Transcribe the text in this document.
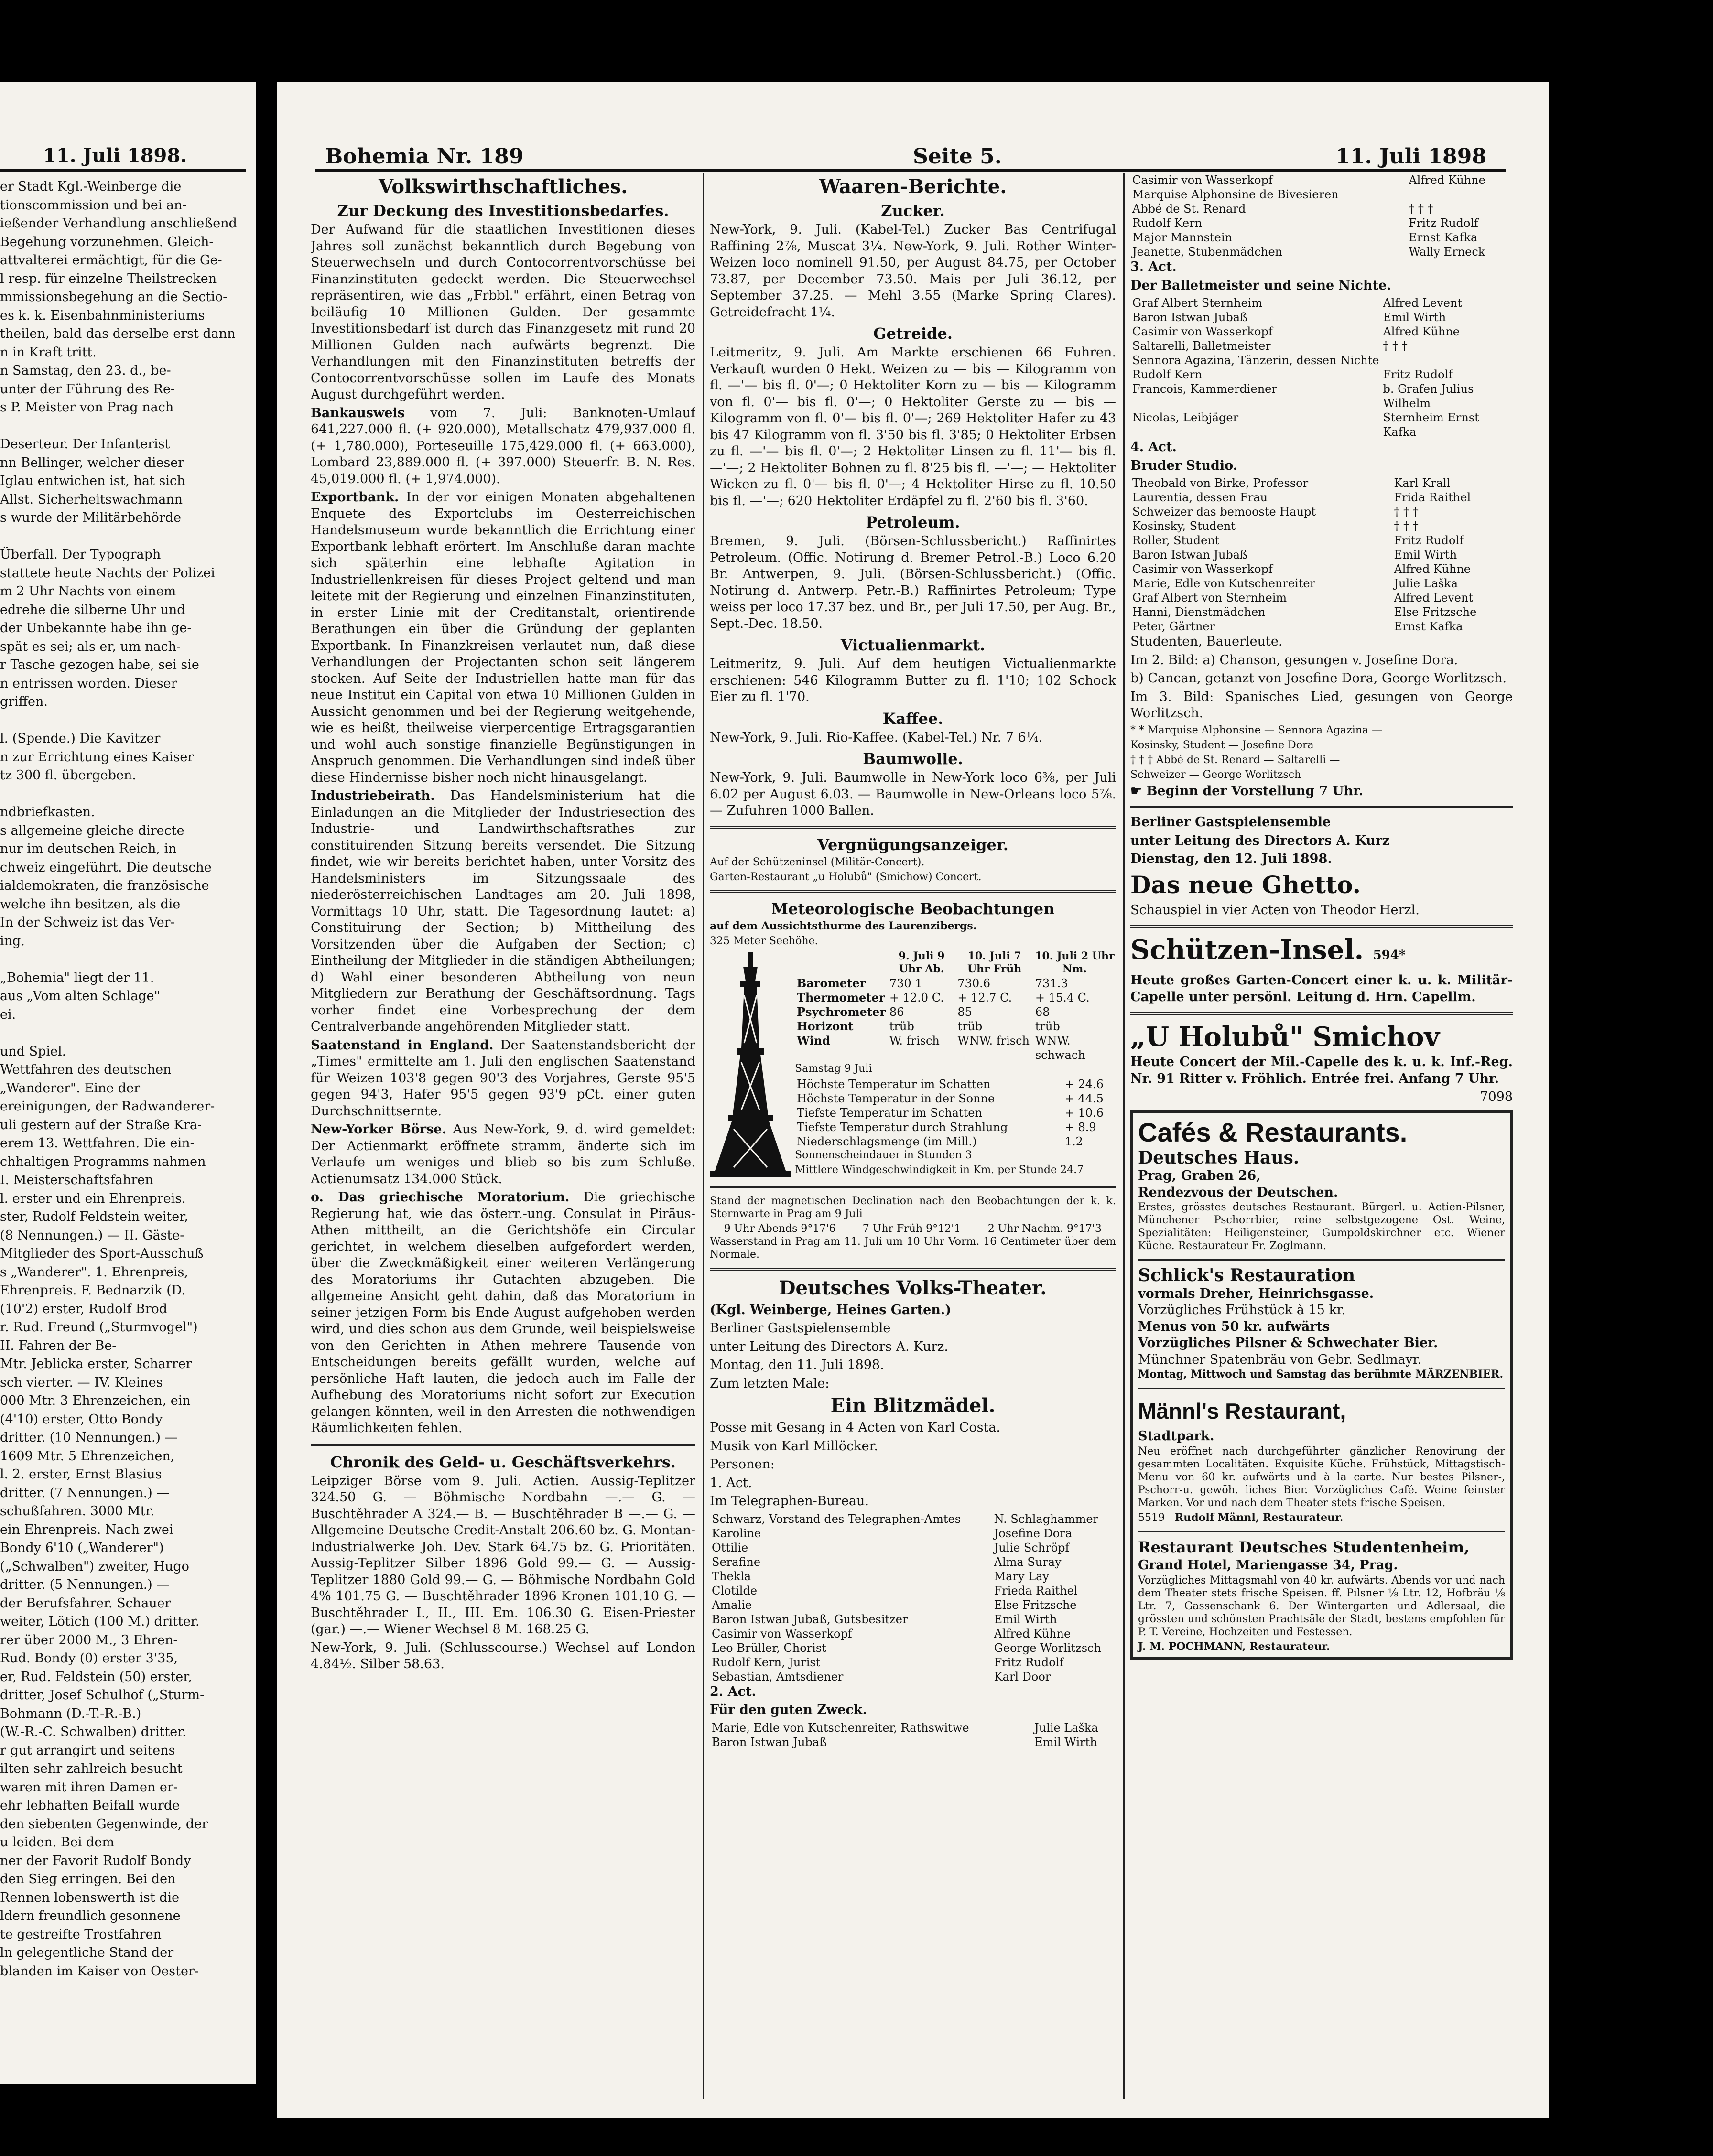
11. Juli 1898.

er Stadt Kgl.-Weinberge die

tionscommission und bei an-

ießender Verhandlung anschließend

Begehung vorzunehmen. Gleich-

attvalterei ermächtigt, für die Ge-

l resp. für einzelne Theilstrecken

mmissionsbegehung an die Sectio-

es k. k. Eisenbahnministeriums

theilen, bald das derselbe erst dann

n in Kraft tritt.

n Samstag, den 23. d., be-

unter der Führung des Re-

s P. Meister von Prag nach

Deserteur. Der Infanterist

nn Bellinger, welcher dieser

Iglau entwichen ist, hat sich

Allst. Sicherheitswachmann

s wurde der Militärbehörde

Überfall. Der Typograph

stattete heute Nachts der Polizei

m 2 Uhr Nachts von einem

edrehe die silberne Uhr und

der Unbekannte habe ihn ge-

spät es sei; als er, um nach-

r Tasche gezogen habe, sei sie

n entrissen worden. Dieser

griffen.

l. (Spende.) Die Kavitzer

n zur Errichtung eines Kaiser

tz 300 fl. übergeben.

ndbriefkasten.

s allgemeine gleiche directe

nur im deutschen Reich, in

chweiz eingeführt. Die deutsche

ialdemokraten, die französische

welche ihn besitzen, als die

In der Schweiz ist das Ver-

ing.

„Bohemia" liegt der 11.

aus „Vom alten Schlage"

ei.

und Spiel.

Wettfahren des deutschen

„Wanderer". Eine der

ereinigungen, der Radwanderer-

uli gestern auf der Straße Kra-

erem 13. Wettfahren. Die ein-

chhaltigen Programms nahmen

I. Meisterschaftsfahren

l. erster und ein Ehrenpreis.

ster, Rudolf Feldstein weiter,

(8 Nennungen.) — II. Gäste-

Mitglieder des Sport-Ausschuß

s „Wanderer". 1. Ehrenpreis,

Ehrenpreis. F. Bednarzik (D.

(10'2) erster, Rudolf Brod

r. Rud. Freund („Sturmvogel")

II. Fahren der Be-

Mtr. Jeblicka erster, Scharrer

sch vierter. — IV. Kleines

000 Mtr. 3 Ehrenzeichen, ein

(4'10) erster, Otto Bondy

dritter. (10 Nennungen.) —

1609 Mtr. 5 Ehrenzeichen,

l. 2. erster, Ernst Blasius

dritter. (7 Nennungen.) —

schußfahren. 3000 Mtr.

ein Ehrenpreis. Nach zwei

Bondy 6'10 („Wanderer")

(„Schwalben") zweiter, Hugo

dritter. (5 Nennungen.) —

der Berufsfahrer. Schauer

weiter, Lötich (100 M.) dritter.

rer über 2000 M., 3 Ehren-

Rud. Bondy (0) erster 3'35,

er, Rud. Feldstein (50) erster,

dritter, Josef Schulhof („Sturm-

Bohmann (D.-T.-R.-B.)

(W.-R.-C. Schwalben) dritter.

r gut arrangirt und seitens

ilten sehr zahlreich besucht

waren mit ihren Damen er-

ehr lebhaften Beifall wurde

den siebenten Gegenwinde, der

u leiden. Bei dem

ner der Favorit Rudolf Bondy

den Sieg erringen. Bei den

Rennen lobenswerth ist die

ldern freundlich gesonnene

te gestreifte Trostfahren

ln gelegentliche Stand der

blanden im Kaiser von Oester-

Bohemia Nr. 189	Seite 5.	11. Juli 1898
Volkswirthschaftliches.
Zur Deckung des Investitionsbedarfes.

Der Aufwand für die staatlichen Investitionen dieses Jahres soll zunächst bekanntlich durch Begebung von Steuerwechseln und durch Contocorrentvorschüsse bei Finanzinstituten gedeckt werden. Die Steuerwechsel repräsentiren, wie das „Frbbl." erfährt, einen Betrag von beiläufig 10 Millionen Gulden. Der gesammte Investitionsbedarf ist durch das Finanzgesetz mit rund 20 Millionen Gulden nach aufwärts begrenzt. Die Verhandlungen mit den Finanzinstituten betreffs der Contocorrentvorschüsse sollen im Laufe des Monats August durchgeführt werden.

Bankausweis vom 7. Juli: Banknoten-Umlauf 641,227.000 fl. (+ 920.000), Metallschatz 479,937.000 fl. (+ 1,780.000), Porteseuille 175,429.000 fl. (+ 663.000), Lombard 23,889.000 fl. (+ 397.000) Steuerfr. B. N. Res. 45,019.000 fl. (+ 1,974.000).

Exportbank. In der vor einigen Monaten abgehaltenen Enquete des Exportclubs im Oesterreichischen Handelsmuseum wurde bekanntlich die Errichtung einer Exportbank lebhaft erörtert. Im Anschluße daran machte sich späterhin eine lebhafte Agitation in Industriellenkreisen für dieses Project geltend und man leitete mit der Regierung und einzelnen Finanzinstituten, in erster Linie mit der Creditanstalt, orientirende Berathungen ein über die Gründung der geplanten Exportbank. In Finanzkreisen verlautet nun, daß diese Verhandlungen der Projectanten schon seit längerem stocken. Auf Seite der Industriellen hatte man für das neue Institut ein Capital von etwa 10 Millionen Gulden in Aussicht genommen und bei der Regierung weitgehende, wie es heißt, theilweise vierpercentige Ertragsgarantien und wohl auch sonstige finanzielle Begünstigungen in Anspruch genommen. Die Verhandlungen sind indeß über diese Hindernisse bisher noch nicht hinausgelangt.

Industriebeirath. Das Handelsministerium hat die Einladungen an die Mitglieder der Industriesection des Industrie- und Landwirthschaftsrathes zur constituirenden Sitzung bereits versendet. Die Sitzung findet, wie wir bereits berichtet haben, unter Vorsitz des Handelsministers im Sitzungssaale des niederösterreichischen Landtages am 20. Juli 1898, Vormittags 10 Uhr, statt. Die Tagesordnung lautet: a) Constituirung der Section; b) Mittheilung des Vorsitzenden über die Aufgaben der Section; c) Eintheilung der Mitglieder in die ständigen Abtheilungen; d) Wahl einer besonderen Abtheilung von neun Mitgliedern zur Berathung der Geschäftsordnung. Tags vorher findet eine Vorbesprechung der dem Centralverbande angehörenden Mitglieder statt.

Saatenstand in England. Der Saatenstandsbericht der „Times" ermittelte am 1. Juli den englischen Saatenstand für Weizen 103'8 gegen 90'3 des Vorjahres, Gerste 95'5 gegen 94'3, Hafer 95'5 gegen 93'9 pCt. einer guten Durchschnittsernte.

New-Yorker Börse. Aus New-York, 9. d. wird gemeldet: Der Actienmarkt eröffnete stramm, änderte sich im Verlaufe um weniges und blieb so bis zum Schluße. Actienumsatz 134.000 Stück.

o. Das griechische Moratorium. Die griechische Regierung hat, wie das österr.-ung. Consulat in Piräus-Athen mittheilt, an die Gerichtshöfe ein Circular gerichtet, in welchem dieselben aufgefordert werden, über die Zweckmäßigkeit einer weiteren Verlängerung des Moratoriums ihr Gutachten abzugeben. Die allgemeine Ansicht geht dahin, daß das Moratorium in seiner jetzigen Form bis Ende August aufgehoben werden wird, und dies schon aus dem Grunde, weil beispielsweise von den Gerichten in Athen mehrere Tausende von Entscheidungen bereits gefällt wurden, welche auf persönliche Haft lauten, die jedoch auch im Falle der Aufhebung des Moratoriums nicht sofort zur Execution gelangen könnten, weil in den Arresten die nothwendigen Räumlichkeiten fehlen.

Chronik des Geld- u. Geschäftsverkehrs.

Leipziger Börse vom 9. Juli. Actien. Aussig-Teplitzer 324.50 G. — Böhmische Nordbahn —.— G. — Buschtěhrader A 324.— B. — Buschtěhrader B —.— G. — Allgemeine Deutsche Credit-Anstalt 206.60 bz. G. Montan-Industrialwerke Joh. Dev. Stark 64.75 bz. G. Prioritäten. Aussig-Teplitzer Silber 1896 Gold 99.— G. — Aussig-Teplitzer 1880 Gold 99.— G. — Böhmische Nordbahn Gold 4% 101.75 G. — Buschtěhrader 1896 Kronen 101.10 G. — Buschtěhrader I., II., III. Em. 106.30 G. Eisen-Priester (gar.) —.— Wiener Wechsel 8 M. 168.25 G.

New-York, 9. Juli. (Schlusscourse.) Wechsel auf London 4.84½. Silber 58.63.

Waaren-Berichte.
Zucker.

New-York, 9. Juli. (Kabel-Tel.) Zucker Bas Centrifugal Raffining 2⅞, Muscat 3¼. New-York, 9. Juli. Rother Winter-Weizen loco nominell 91.50, per August 84.75, per October 73.87, per December 73.50. Mais per Juli 36.12, per September 37.25. — Mehl 3.55 (Marke Spring Clares). Getreidefracht 1¼.

Getreide.

Leitmeritz, 9. Juli. Am Markte erschienen 66 Fuhren. Verkauft wurden 0 Hekt. Weizen zu — bis — Kilogramm von fl. —'— bis fl. 0'—; 0 Hektoliter Korn zu — bis — Kilogramm von fl. 0'— bis fl. 0'—; 0 Hektoliter Gerste zu — bis — Kilogramm von fl. 0'— bis fl. 0'—; 269 Hektoliter Hafer zu 43 bis 47 Kilogramm von fl. 3'50 bis fl. 3'85; 0 Hektoliter Erbsen zu fl. —'— bis fl. 0'—; 2 Hektoliter Linsen zu fl. 11'— bis fl. —'—; 2 Hektoliter Bohnen zu fl. 8'25 bis fl. —'—; — Hektoliter Wicken zu fl. 0'— bis fl. 0'—; 4 Hektoliter Hirse zu fl. 10.50 bis fl. —'—; 620 Hektoliter Erdäpfel zu fl. 2'60 bis fl. 3'60.

Petroleum.

Bremen, 9. Juli. (Börsen-Schlussbericht.) Raffinirtes Petroleum. (Offic. Notirung d. Bremer Petrol.-B.) Loco 6.20 Br. Antwerpen, 9. Juli. (Börsen-Schlussbericht.) (Offic. Notirung d. Antwerp. Petr.-B.) Raffinirtes Petroleum; Type weiss per loco 17.37 bez. und Br., per Juli 17.50, per Aug. Br., Sept.-Dec. 18.50.

Victualienmarkt.

Leitmeritz, 9. Juli. Auf dem heutigen Victualienmarkte erschienen: 546 Kilogramm Butter zu fl. 1'10; 102 Schock Eier zu fl. 1'70.

Kaffee.

New-York, 9. Juli. Rio-Kaffee. (Kabel-Tel.) Nr. 7 6¼.

Baumwolle.

New-York, 9. Juli. Baumwolle in New-York loco 6⅜, per Juli 6.02 per August 6.03. — Baumwolle in New-Orleans loco 5⅞. — Zufuhren 1000 Ballen.

Vergnügungsanzeiger.

Auf der Schützeninsel (Militär-Concert).

Garten-Restaurant „u Holubů" (Smichow) Concert.

Meteorologische Beobachtungen

auf dem Aussichtsthurme des Laurenzibergs.

325 Meter Seehöhe.

	9. Juli 9 Uhr Ab.	10. Juli 7 Uhr Früh	10. Juli 2 Uhr Nm.
Barometer	730 1	730.6	731.3
Thermometer	+ 12.0 C.	+ 12.7 C.	+ 15.4 C.
Psychrometer	86	85	68
Horizont	trüb	trüb	trüb
Wind	W. frisch	WNW. frisch	WNW. schwach

Samstag 9 Juli

Höchste Temperatur im Schatten	+ 24.6
Höchste Temperatur in der Sonne	+ 44.5
Tiefste Temperatur im Schatten	+ 10.6
Tiefste Temperatur durch Strahlung	+ 8.9
Niederschlagsmenge (im Mill.)	1.2

Sonnenscheindauer in Stunden 3

Mittlere Windgeschwindigkeit in Km. per Stunde 24.7

Stand der magnetischen Declination nach den Beobachtungen der k. k. Sternwarte in Prag am 9 Juli

9 Uhr Abends 9°17'6	7 Uhr Früh 9°12'1	2 Uhr Nachm. 9°17'3

Wasserstand in Prag am 11. Juli um 10 Uhr Vorm. 16 Centimeter über dem Normale.

Deutsches Volks-Theater.

(Kgl. Weinberge, Heines Garten.)

Berliner Gastspielensemble

unter Leitung des Directors A. Kurz.

Montag, den 11. Juli 1898.

Zum letzten Male:

Ein Blitzmädel.

Posse mit Gesang in 4 Acten von Karl Costa.

Musik von Karl Millöcker.

Personen:

1. Act.

Im Telegraphen-Bureau.

Schwarz, Vorstand des Telegraphen-Amtes	N. Schlaghammer
Karoline	Josefine Dora
Ottilie	Julie Schröpf
Serafine	Alma Suray
Thekla	Mary Lay
Clotilde	Frieda Raithel
Amalie	Else Fritzsche
Baron Istwan Jubaß, Gutsbesitzer	Emil Wirth
Casimir von Wasserkopf	Alfred Kühne
Leo Brüller, Chorist	George Worlitzsch
Rudolf Kern, Jurist	Fritz Rudolf
Sebastian, Amtsdiener	Karl Door

2. Act.

Für den guten Zweck.

Marie, Edle von Kutschenreiter, Rathswitwe	Julie Laška
Baron Istwan Jubaß	Emil Wirth
Casimir von Wasserkopf	Alfred Kühne
Marquise Alphonsine de Bivesieren	
Abbé de St. Renard	† † †
Rudolf Kern	Fritz Rudolf
Major Mannstein	Ernst Kafka
Jeanette, Stubenmädchen	Wally Erneck

3. Act.

Der Balletmeister und seine Nichte.

Graf Albert Sternheim	Alfred Levent
Baron Istwan Jubaß	Emil Wirth
Casimir von Wasserkopf	Alfred Kühne
Saltarelli, Balletmeister	† † †
Sennora Agazina, Tänzerin, dessen Nichte	
Rudolf Kern	Fritz Rudolf
Francois, Kammerdiener	b. Grafen Julius Wilhelm
Nicolas, Leibjäger	Sternheim Ernst Kafka

4. Act.

Bruder Studio.

Theobald von Birke, Professor	Karl Krall
Laurentia, dessen Frau	Frida Raithel
Schweizer das bemooste Haupt	† † †
Kosinsky, Student	† † †
Roller, Student	Fritz Rudolf
Baron Istwan Jubaß	Emil Wirth
Casimir von Wasserkopf	Alfred Kühne
Marie, Edle von Kutschenreiter	Julie Laška
Graf Albert von Sternheim	Alfred Levent
Hanni, Dienstmädchen	Else Fritzsche
Peter, Gärtner	Ernst Kafka

Studenten, Bauerleute.

Im 2. Bild: a) Chanson, gesungen v. Josefine Dora.

b) Cancan, getanzt von Josefine Dora, George Worlitzsch.

Im 3. Bild: Spanisches Lied, gesungen von George Worlitzsch.

* * Marquise Alphonsine — Sennora Agazina —

Kosinsky, Student — Josefine Dora

† † † Abbé de St. Renard — Saltarelli —

Schweizer — George Worlitzsch

☛ Beginn der Vorstellung 7 Uhr.

Berliner Gastspielensemble

unter Leitung des Directors A. Kurz

Dienstag, den 12. Juli 1898.

Das neue Ghetto.

Schauspiel in vier Acten von Theodor Herzl.

Schützen-Insel. 594*

Heute großes Garten-Concert einer k. u. k. Militär-Capelle unter persönl. Leitung d. Hrn. Capellm.

„U Holubů" Smichov

Heute Concert der Mil.-Capelle des k. u. k. Inf.-Reg. Nr. 91 Ritter v. Fröhlich. Entrée frei. Anfang 7 Uhr.

7098

Cafés & Restaurants.

Deutsches Haus.

Prag, Graben 26,

Rendezvous der Deutschen.

Erstes, grösstes deutsches Restaurant. Bürgerl. u. Actien-Pilsner, Münchener Pschorrbier, reine selbstgezogene Ost. Weine, Spezialitäten: Heiligensteiner, Gumpoldskirchner etc. Wiener Küche. Restaurateur Fr. Zoglmann.

Schlick's Restauration

vormals Dreher, Heinrichsgasse.

Vorzügliches Frühstück à 15 kr.

Menus von 50 kr. aufwärts

Vorzügliches Pilsner & Schwechater Bier.

Münchner Spatenbräu von Gebr. Sedlmayr.

Montag, Mittwoch und Samstag das berühmte MÄRZENBIER.

Männl's Restaurant,

Stadtpark.

Neu eröffnet nach durchgeführter gänzlicher Renovirung der gesammten Localitäten. Exquisite Küche. Frühstück, Mittagstisch-Menu von 60 kr. aufwärts und à la carte. Nur bestes Pilsner-, Pschorr-u. gewöh. liches Bier. Vorzügliches Café. Weine feinster Marken. Vor und nach dem Theater stets frische Speisen.

5519 Rudolf Männl, Restaurateur.

Restaurant Deutsches Studentenheim,

Grand Hotel, Mariengasse 34, Prag.

Vorzügliches Mittagsmahl von 40 kr. aufwärts. Abends vor und nach dem Theater stets frische Speisen. ff. Pilsner ⅛ Ltr. 12, Hofbräu ⅛ Ltr. 7, Gassenschank 6. Der Wintergarten und Adlersaal, die grössten und schönsten Prachtsäle der Stadt, bestens empfohlen für P. T. Vereine, Hochzeiten und Festessen.

J. M. POCHMANN, Restaurateur.
